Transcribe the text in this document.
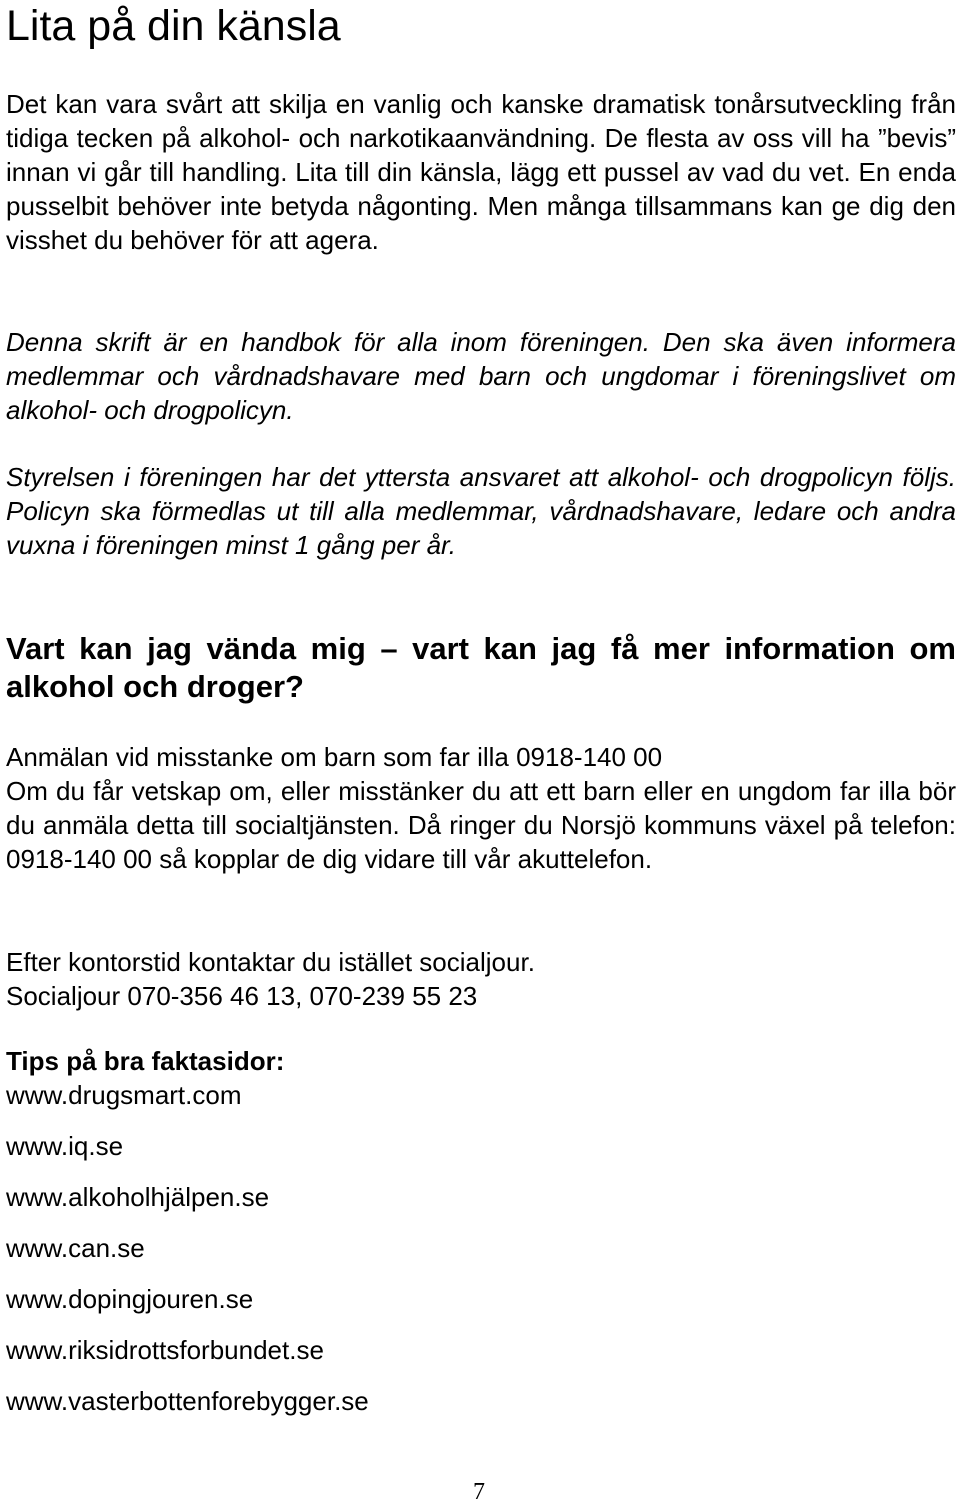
Lita på din känsla

Det kan vara svårt att skilja en vanlig och kanske dramatisk tonårsutveckling från tidiga tecken på alkohol- och narkotikaanvändning. De flesta av oss vill ha ”bevis” innan vi går till handling. Lita till din känsla, lägg ett pussel av vad du vet. En enda pusselbit behöver inte betyda någonting. Men många tillsammans kan ge dig den visshet du behöver för att agera.

Denna skrift är en handbok för alla inom föreningen. Den ska även informera medlemmar och vårdnadshavare med barn och ungdomar i föreningslivet om alkohol- och drogpolicyn.

Styrelsen i föreningen har det yttersta ansvaret att alkohol- och drogpolicyn följs. Policyn ska förmedlas ut till alla medlemmar, vårdnadshavare, ledare och andra vuxna i föreningen minst 1 gång per år.

Vart kan jag vända mig – vart kan jag få mer information om alkohol och droger?

Anmälan vid misstanke om barn som far illa 0918-140 00

Om du får vetskap om, eller misstänker du att ett barn eller en ungdom far illa bör du anmäla detta till socialtjänsten. Då ringer du Norsjö kommuns växel på telefon: 0918-140 00 så kopplar de dig vidare till vår akuttelefon.

Efter kontorstid kontaktar du istället socialjour.

Socialjour 070-356 46 13, 070-239 55 23

Tips på bra faktasidor:

www.drugsmart.com
www.iq.se
www.alkoholhjälpen.se
www.can.se
www.dopingjouren.se
www.riksidrottsforbundet.se
www.vasterbottenforebygger.se
7
